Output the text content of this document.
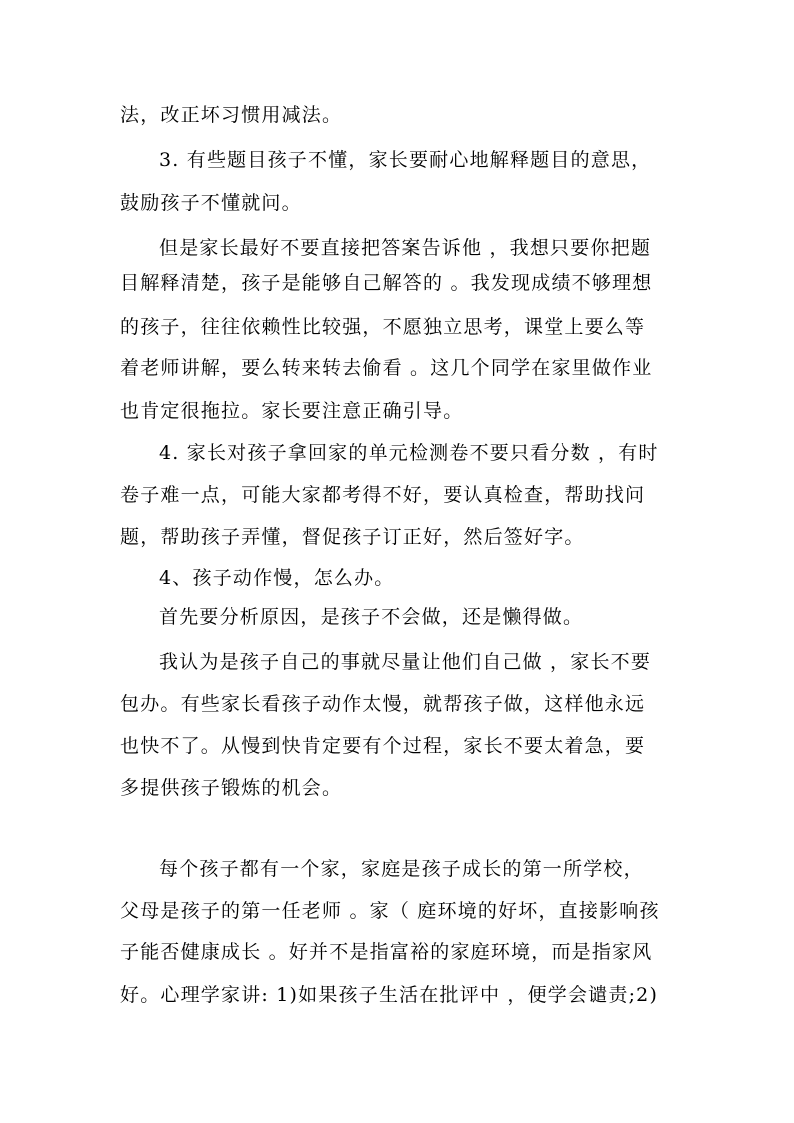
法，改正坏习惯用减法。
3. 有些题目孩子不懂，家长要耐心地解释题目的意思，
鼓励孩子不懂就问。
但是家长最好不要直接把答案告诉他 ，我想只要你把题
目解释清楚，孩子是能够自己解答的 。我发现成绩不够理想
的孩子，往往依赖性比较强，不愿独立思考，课堂上要么等
着老师讲解，要么转来转去偷看 。这几个同学在家里做作业
也肯定很拖拉。家长要注意正确引导。
4. 家长对孩子拿回家的单元检测卷不要只看分数 ，有时
卷子难一点，可能大家都考得不好，要认真检查，帮助找问
题，帮助孩子弄懂，督促孩子订正好，然后签好字。
4、孩子动作慢，怎么办。
首先要分析原因，是孩子不会做，还是懒得做。
我认为是孩子自己的事就尽量让他们自己做 ，家长不要
包办。有些家长看孩子动作太慢，就帮孩子做，这样他永远
也快不了。从慢到快肯定要有个过程，家长不要太着急，要
多提供孩子锻炼的机会。
每个孩子都有一个家，家庭是孩子成长的第一所学校，
父母是孩子的第一任老师 。家（ 庭环境的好坏，直接影响孩
子能否健康成长 。好并不是指富裕的家庭环境，而是指家风
好。心理学家讲: 1)如果孩子生活在批评中 ，便学会谴责;2)
